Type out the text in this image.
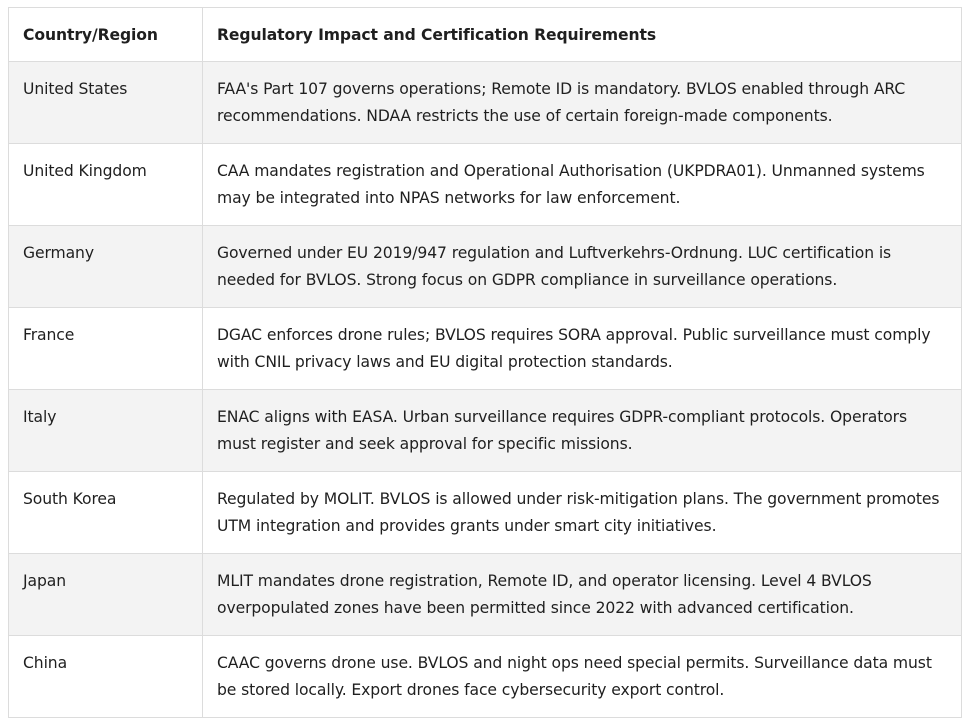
Country/Region	Regulatory Impact and Certification Requirements
United States	FAA's Part 107 governs operations; Remote ID is mandatory. BVLOS enabled through ARC recommendations. NDAA restricts the use of certain foreign-made components.
United Kingdom	CAA mandates registration and Operational Authorisation (UKPDRA01). Unmanned systems may be integrated into NPAS networks for law enforcement.
Germany	Governed under EU 2019/947 regulation and Luftverkehrs-Ordnung. LUC certification is needed for BVLOS. Strong focus on GDPR compliance in surveillance operations.
France	DGAC enforces drone rules; BVLOS requires SORA approval. Public surveillance must comply with CNIL privacy laws and EU digital protection standards.
Italy	ENAC aligns with EASA. Urban surveillance requires GDPR-compliant protocols. Operators must register and seek approval for specific missions.
South Korea	Regulated by MOLIT. BVLOS is allowed under risk-mitigation plans. The government promotes UTM integration and provides grants under smart city initiatives.
Japan	MLIT mandates drone registration, Remote ID, and operator licensing. Level 4 BVLOS overpopulated zones have been permitted since 2022 with advanced certification.
China	CAAC governs drone use. BVLOS and night ops need special permits. Surveillance data must be stored locally. Export drones face cybersecurity export control.
